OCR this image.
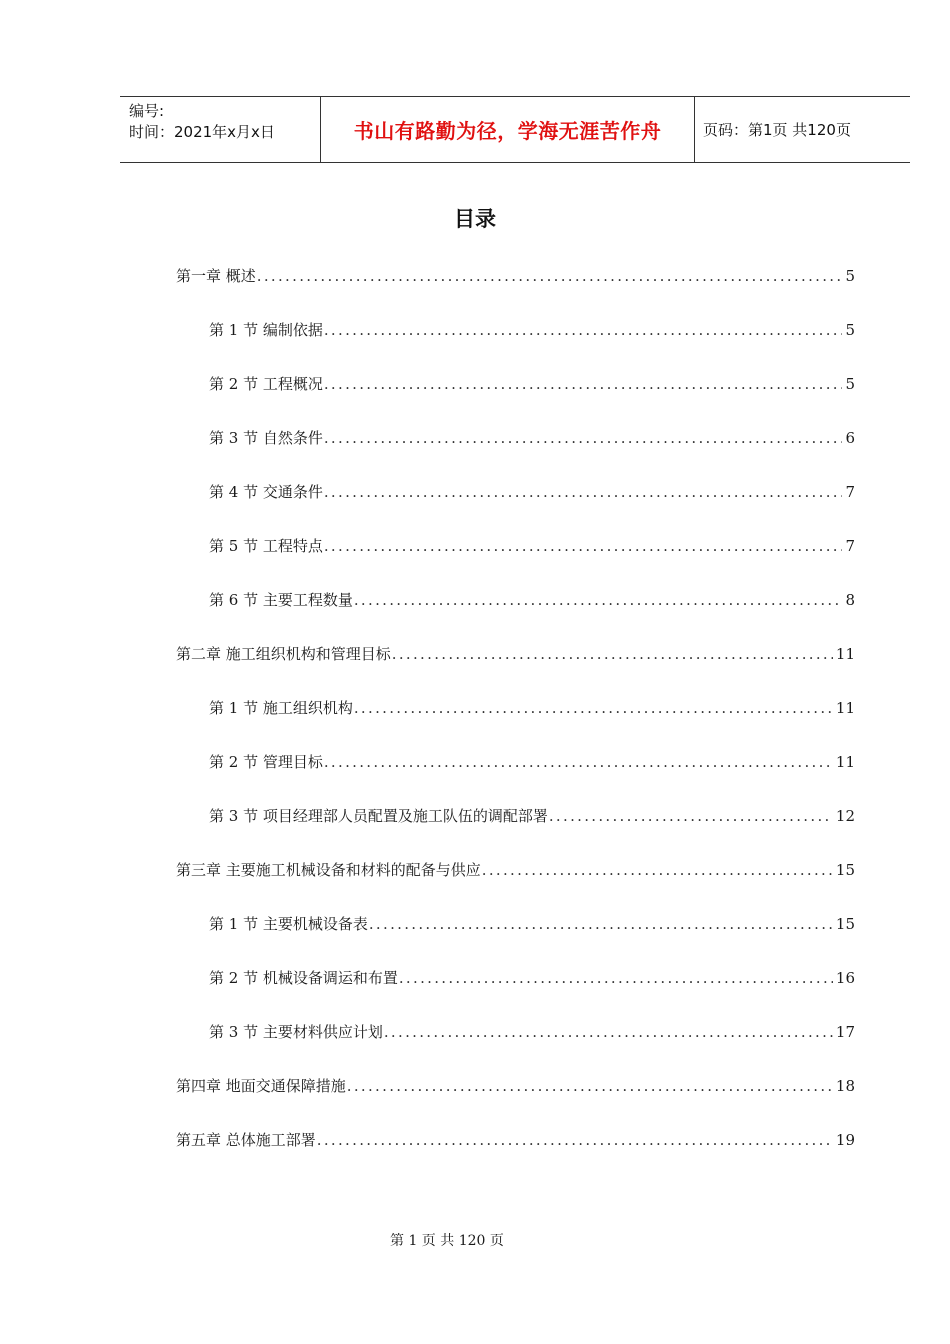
编号:
时间：2021年x月x日	书山有路勤为径，学海无涯苦作舟	页码：第1页 共120页
目录
第一章 概述 .....	5
第 1 节 编制依据 .....	5
第 2 节 工程概况 .....	5
第 3 节 自然条件 .....	6
第 4 节 交通条件 .....	7
第 5 节 工程特点 .....	7
第 6 节 主要工程数量 .....	8
第二章 施工组织机构和管理目标 .....	11
第 1 节 施工组织机构 .....	11
第 2 节 管理目标 .....	11
第 3 节 项目经理部人员配置及施工队伍的调配部署 .....	12
第三章 主要施工机械设备和材料的配备与供应 .....	15
第 1 节 主要机械设备表 .....	15
第 2 节 机械设备调运和布置 .....	16
第 3 节 主要材料供应计划 .....	17
第四章 地面交通保障措施 .....	18
第五章 总体施工部署 .....	19
第 1 页 共 120 页
